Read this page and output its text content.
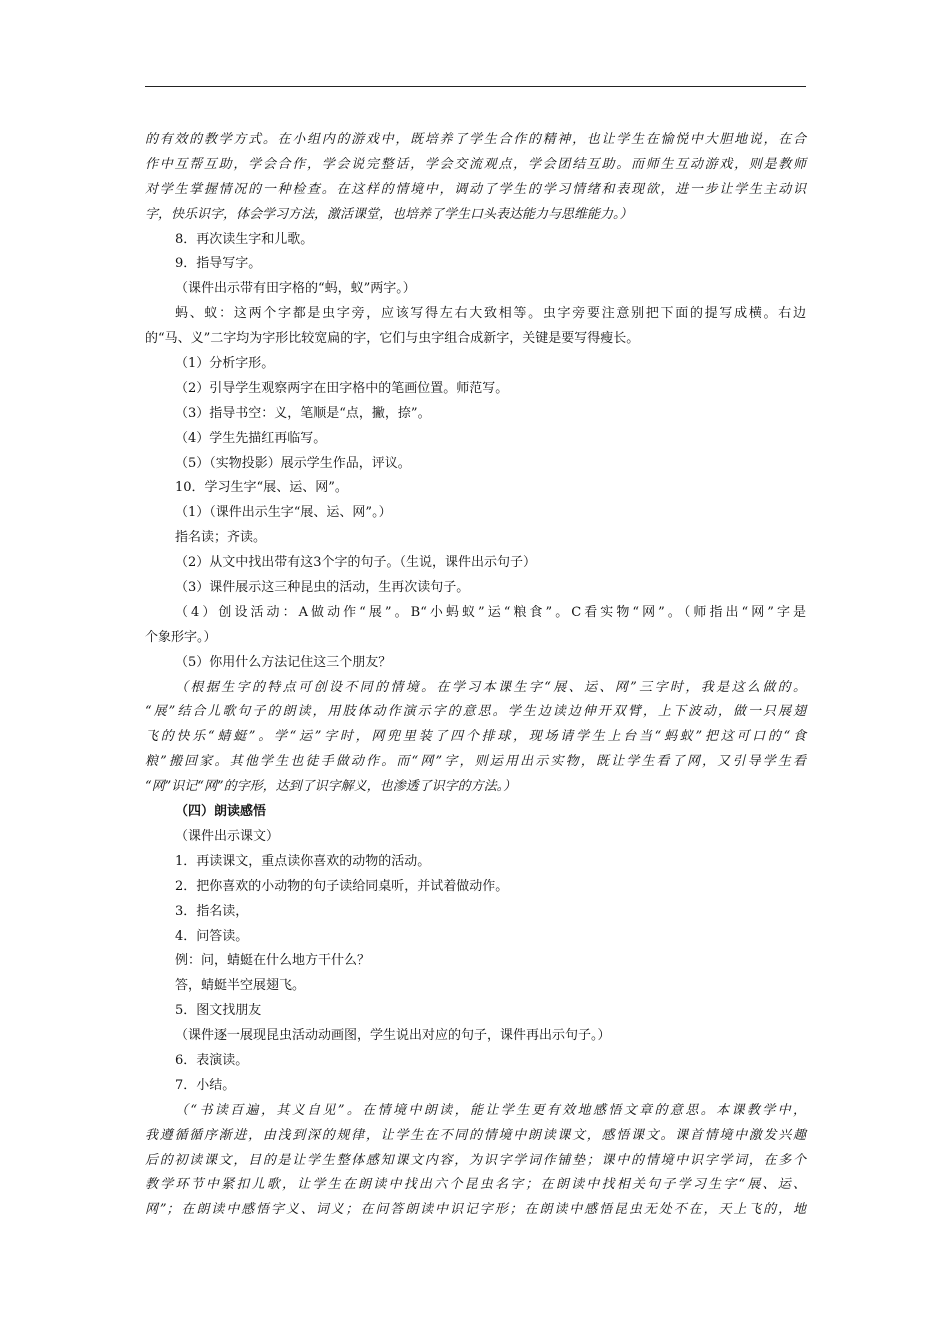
的有效的教学方式。在小组内的游戏中，既培养了学生合作的精神，也让学生在愉悦中大胆地说，在合
作中互帮互助，学会合作，学会说完整话，学会交流观点，学会团结互助。而师生互动游戏，则是教师
对学生掌握情况的一种检查。在这样的情境中，调动了学生的学习情绪和表现欲，进一步让学生主动识
字，快乐识字，体会学习方法，激活课堂，也培养了学生口头表达能力与思维能力。）
8．再次读生字和儿歌。
9．指导写字。
（课件出示带有田字格的“蚂，蚁”两字。）
蚂、蚁：这两个字都是虫字旁，应该写得左右大致相等。虫字旁要注意别把下面的提写成横。右边
的“马、义”二字均为字形比较宽扁的字，它们与虫字组合成新字，关键是要写得瘦长。
（1）分析字形。
（2）引导学生观察两字在田字格中的笔画位置。师范写。
（3）指导书空：义，笔顺是“点，撇，捺”。
（4）学生先描红再临写。
（5）（实物投影）展示学生作品，评议。
10．学习生字“展、运、网”。
（1）（课件出示生字“展、运、网”。）
指名读；齐读。
（2）从文中找出带有这3个字的句子。（生说，课件出示句子）
（3）课件展示这三种昆虫的活动，生再次读句子。
（4）创设活动：A做动作“展”。B“小蚂蚁”运“粮食”。C看实物“网”。（师指出“网”字是
个象形字。）
（5）你用什么方法记住这三个朋友？
（根据生字的特点可创设不同的情境。在学习本课生字“展、运、网”三字时，我是这么做的。
“展”结合儿歌句子的朗读，用肢体动作演示字的意思。学生边读边伸开双臂，上下波动，做一只展翅
飞的快乐“蜻蜓”。学“运”字时，网兜里装了四个排球，现场请学生上台当“蚂蚁”把这可口的“食
粮”搬回家。其他学生也徒手做动作。而“网”字，则运用出示实物，既让学生看了网，又引导学生看
“网”识记“网”的字形，达到了识字解义，也渗透了识字的方法。）
（四）朗读感悟
（课件出示课文）
1．再读课文，重点读你喜欢的动物的活动。
2．把你喜欢的小动物的句子读给同桌听，并试着做动作。
3．指名读，
4．问答读。
例：问，蜻蜓在什么地方干什么？
答，蜻蜓半空展翅飞。
5．图文找朋友
（课件逐一展现昆虫活动动画图，学生说出对应的句子，课件再出示句子。）
6．表演读。
7．小结。
（“书读百遍，其义自见”。在情境中朗读，能让学生更有效地感悟文章的意思。本课教学中，
我遵循循序渐进，由浅到深的规律，让学生在不同的情境中朗读课文，感悟课文。课首情境中激发兴趣
后的初读课文，目的是让学生整体感知课文内容，为识字学词作铺垫；课中的情境中识字学词，在多个
教学环节中紧扣儿歌，让学生在朗读中找出六个昆虫名字；在朗读中找相关句子学习生字“展、运、
网”；在朗读中感悟字义、词义；在问答朗读中识记字形；在朗读中感悟昆虫无处不在，天上飞的，地
